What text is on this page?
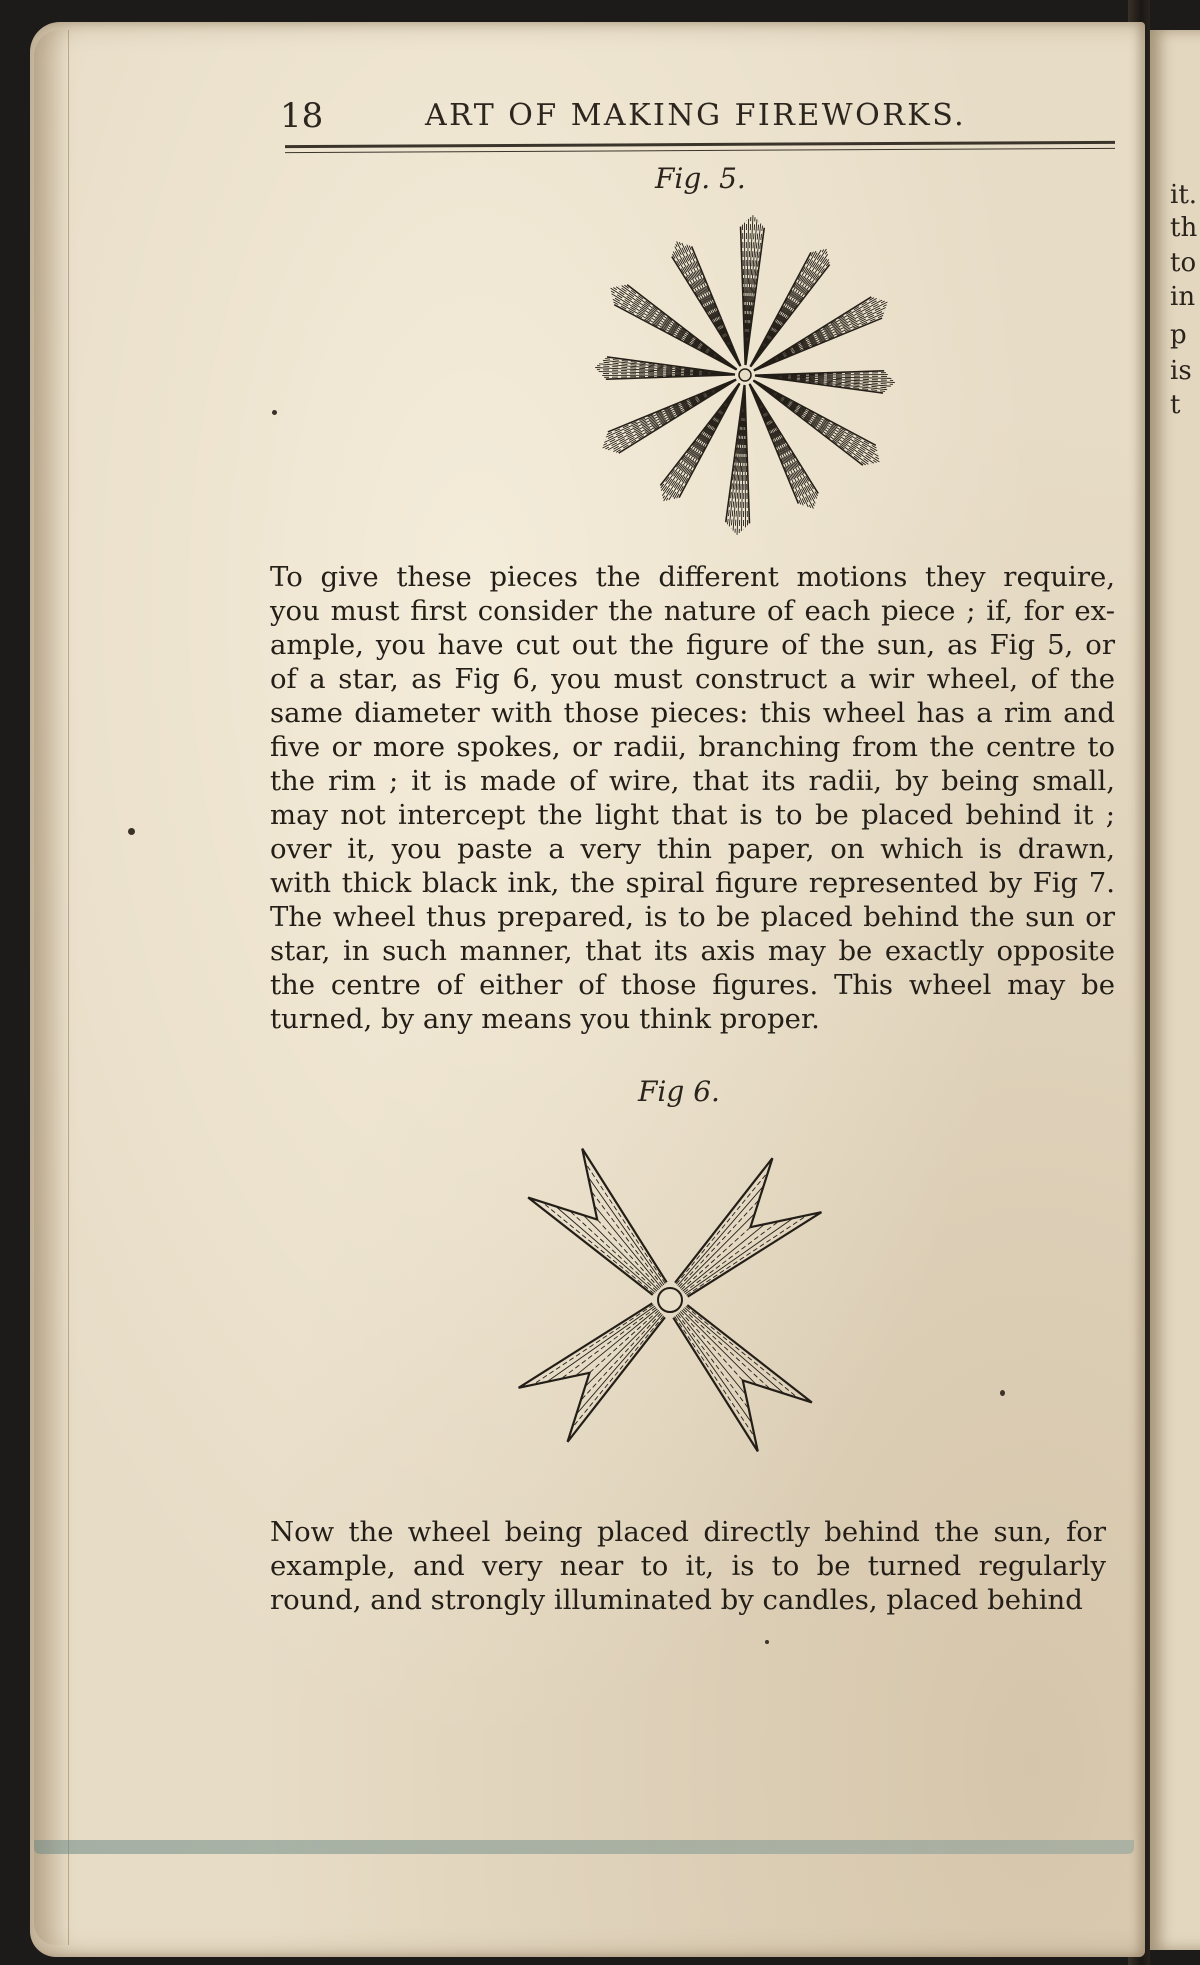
it.
th
to
in
p
is
t
18	ART OF MAKING FIREWORKS.
Fig. 5.

To give these pieces the different motions they require,
you must first consider the nature of each piece ; if, for ex-
ample, you have cut out the figure of the sun, as Fig 5, or
of a star, as Fig 6, you must construct a wir wheel, of the
same diameter with those pieces: this wheel has a rim and
five or more spokes, or radii, branching from the centre to
the rim ; it is made of wire, that its radii, by being small,
may not intercept the light that is to be placed behind it ;
over it, you paste a very thin paper, on which is drawn,
with thick black ink, the spiral figure represented by Fig 7.
The wheel thus prepared, is to be placed behind the sun or
star, in such manner, that its axis may be exactly opposite
the centre of either of those figures. This wheel may be
turned, by any means you think proper.

Fig 6.

Now the wheel being placed directly behind the sun, for
example, and very near to it, is to be turned regularly
round, and strongly illuminated by candles, placed behind
